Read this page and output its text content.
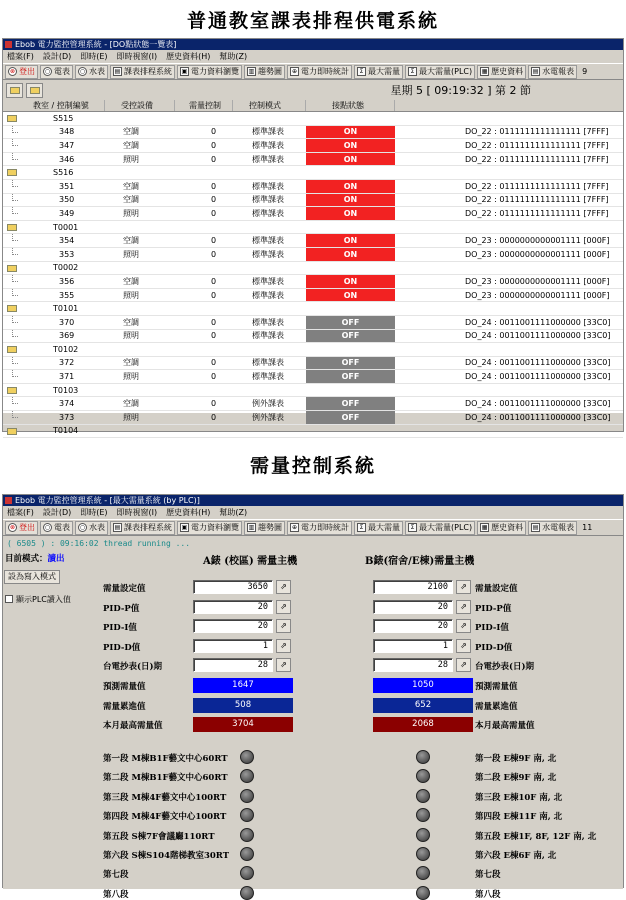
普通教室課表排程供電系統
Ebob 電力監控管理系統 - [DO點狀態一覽表]
檔案(F) 設計(D) 即時(E) 即時視窗(I) 歷史資料(H) 幫助(Z)
⊗ 登出	○ 電表	○ 水表 ▤ 課表排程系統 ▣ 電力資料瀏覽 ▥ 趨勢圖	⊕ 電力即時統計	Σ 最大需量	Σ 最大需量(PLC) ▦ 歷史資料 ▤ 水電報表	9
星期 5 [ 09:19:32 ] 第 2 節
教室 / 控制編號	受控設備	需量控制	控制模式	接點狀態
S515
348	空調	0	標準課表	ON	DO_22 : 0111111111111111 [7FFF]
347	空調	0	標準課表	ON	DO_22 : 0111111111111111 [7FFF]
346	照明	0	標準課表	ON	DO_22 : 0111111111111111 [7FFF]
S516
351	空調	0	標準課表	ON	DO_22 : 0111111111111111 [7FFF]
350	空調	0	標準課表	ON	DO_22 : 0111111111111111 [7FFF]
349	照明	0	標準課表	ON	DO_22 : 0111111111111111 [7FFF]
T0001
354	空調	0	標準課表	ON	DO_23 : 0000000000001111 [000F]
353	照明	0	標準課表	ON	DO_23 : 0000000000001111 [000F]
T0002
356	空調	0	標準課表	ON	DO_23 : 0000000000001111 [000F]
355	照明	0	標準課表	ON	DO_23 : 0000000000001111 [000F]
T0101
370	空調	0	標準課表	OFF	DO_24 : 0011001111000000 [33C0]
369	照明	0	標準課表	OFF	DO_24 : 0011001111000000 [33C0]
T0102
372	空調	0	標準課表	OFF	DO_24 : 0011001111000000 [33C0]
371	照明	0	標準課表	OFF	DO_24 : 0011001111000000 [33C0]
T0103
374	空調	0	例外課表	OFF	DO_24 : 0011001111000000 [33C0]
373	照明	0	例外課表	OFF	DO_24 : 0011001111000000 [33C0]
T0104
需量控制系統
Ebob 電力監控管理系統 - [最大需量系統 (by PLC)]
檔案(F) 設計(D) 即時(E) 即時視窗(I) 歷史資料(H) 幫助(Z)
⊗ 登出	○ 電表	○ 水表 ▤ 課表排程系統 ▣ 電力資料瀏覽 ▥ 趨勢圖	⊕ 電力即時統計	Σ 最大需量	Σ 最大需量(PLC) ▦ 歷史資料 ▤ 水電報表	11
( 6505 ) : 09:16:02 thread running ...
目前模式：讀出
設為寫入模式
顯示PLC讀入值
A錶 (校區) 需量主機	B錶(宿舍/E棟)需量主機
需量設定值	3650	⇗	2100	⇗ 需量設定值
PID-P值	20	⇗	20	⇗ PID-P值
PID-I值	20	⇗	20	⇗ PID-I值
PID-D值	1	⇗	1	⇗ PID-D值
台電抄表(日)期	28	⇗	28	⇗ 台電抄表(日)期
預測需量值	1647	1050	預測需量值
需量累進值	508	652	需量累進值
本月最高需量值	3704	2068	本月最高需量值
第一段 M棟B1F藝文中心60RT	第一段 E棟9F 南, 北
第二段 M棟B1F藝文中心60RT	第二段 E棟9F 南, 北
第三段 M棟4F藝文中心100RT	第三段 E棟10F 南, 北
第四段 M棟4F藝文中心100RT	第四段 E棟11F 南, 北
第五段 S棟7F會議廳110RT	第五段 E棟1F, 8F, 12F 南, 北
第六段 S棟S104階梯教室30RT	第六段 E棟6F 南, 北
第七段	第七段
第八段	第八段
